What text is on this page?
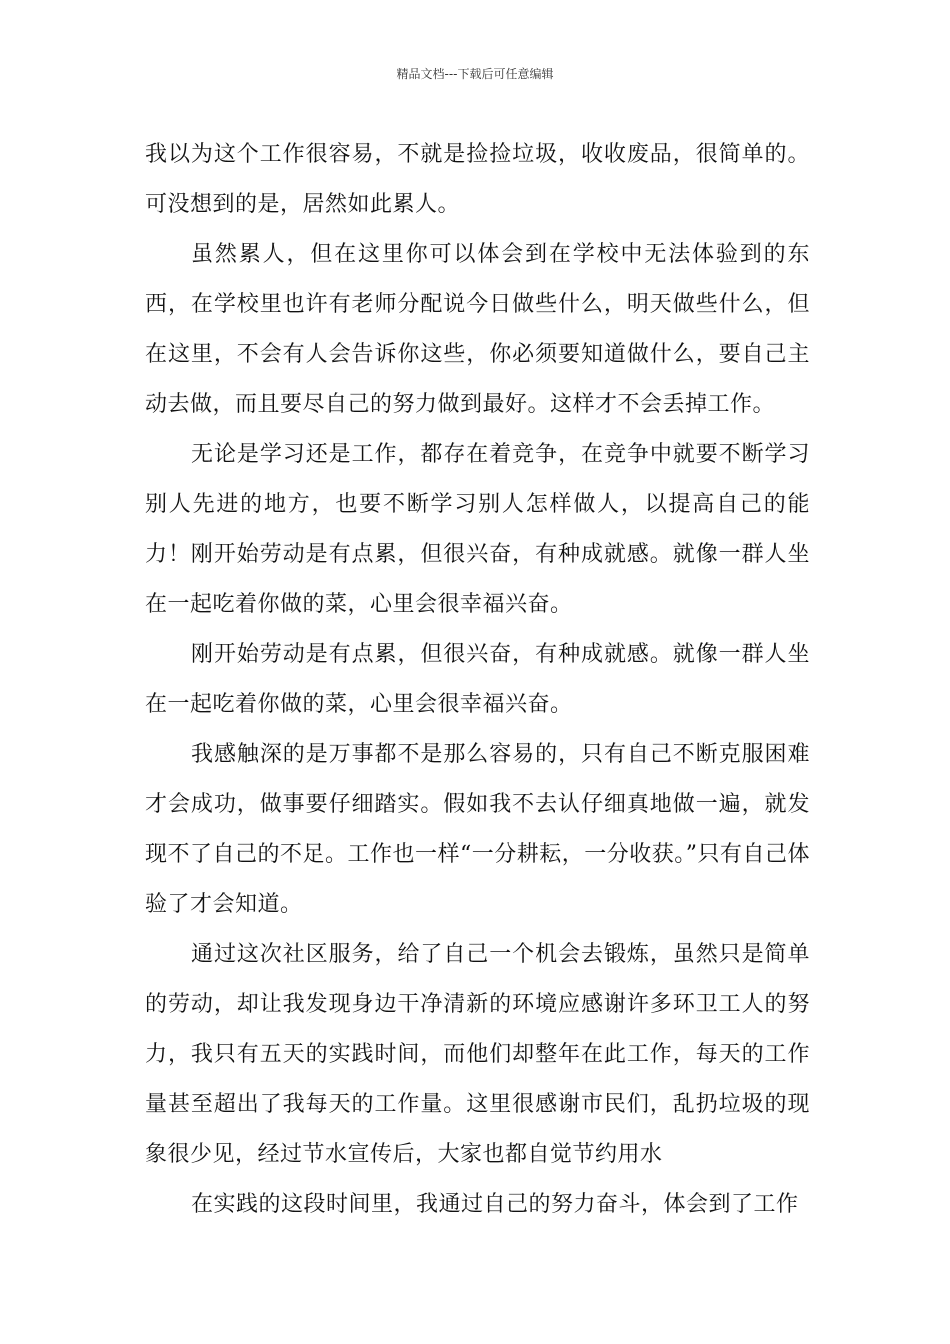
精品文档---下载后可任意编辑

我以为这个工作很容易，不就是捡捡垃圾，收收废品，很简单的。可没想到的是，居然如此累人。

虽然累人，但在这里你可以体会到在学校中无法体验到的东西，在学校里也许有老师分配说今日做些什么，明天做些什么，但在这里，不会有人会告诉你这些，你必须要知道做什么，要自己主动去做，而且要尽自己的努力做到最好。这样才不会丢掉工作。

无论是学习还是工作，都存在着竞争，在竞争中就要不断学习别人先进的地方，也要不断学习别人怎样做人，以提高自己的能力！刚开始劳动是有点累，但很兴奋，有种成就感。就像一群人坐在一起吃着你做的菜，心里会很幸福兴奋。

刚开始劳动是有点累，但很兴奋，有种成就感。就像一群人坐在一起吃着你做的菜，心里会很幸福兴奋。

我感触深的是万事都不是那么容易的，只有自己不断克服困难才会成功，做事要仔细踏实。假如我不去认仔细真地做一遍，就发现不了自己的不足。工作也一样“一分耕耘，一分收获。”只有自己体验了才会知道。

通过这次社区服务，给了自己一个机会去锻炼，虽然只是简单的劳动，却让我发现身边干净清新的环境应感谢许多环卫工人的努力，我只有五天的实践时间，而他们却整年在此工作，每天的工作量甚至超出了我每天的工作量。这里很感谢市民们，乱扔垃圾的现象很少见，经过节水宣传后，大家也都自觉节约用水

在实践的这段时间里，我通过自己的努力奋斗，体会到了工作
